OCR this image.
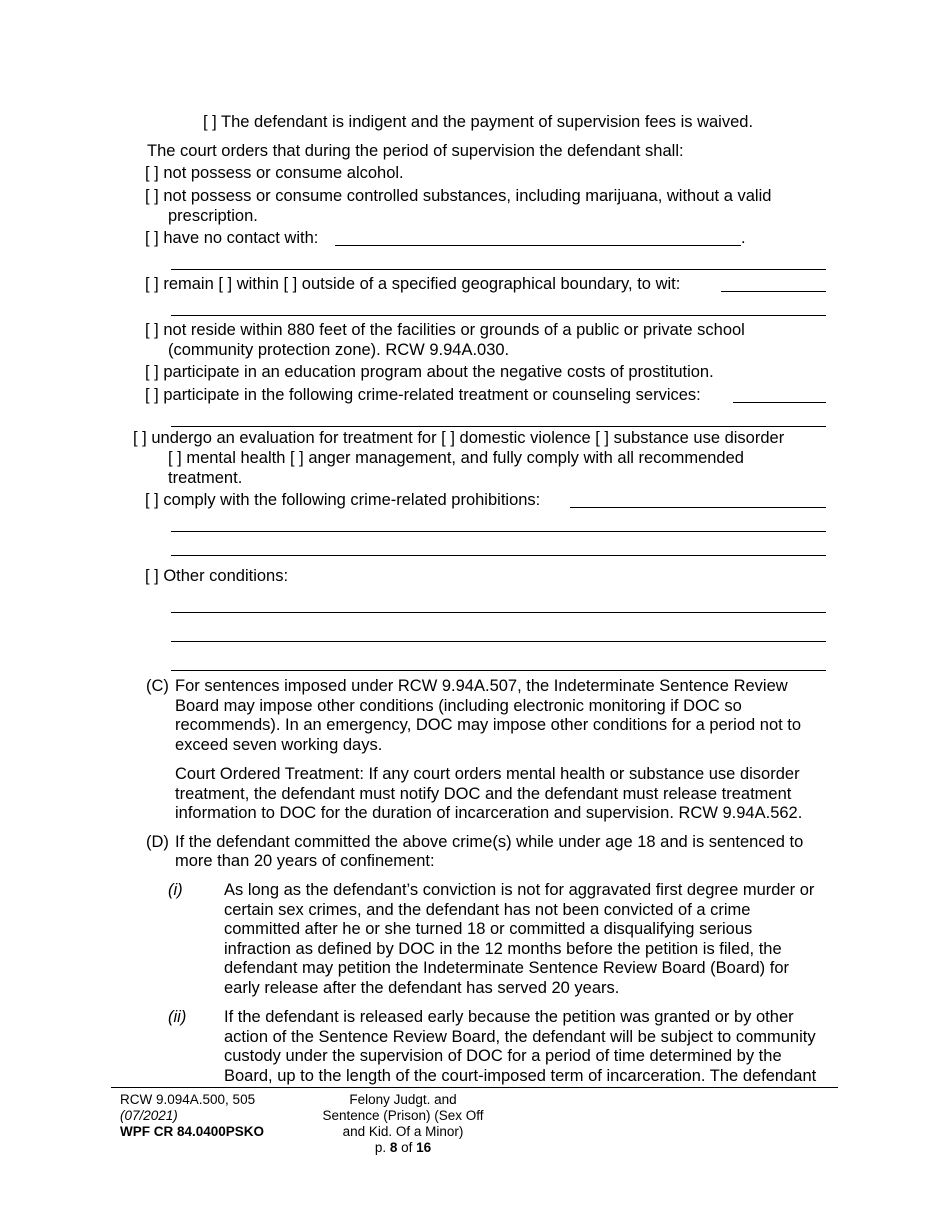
[ ] The defendant is indigent and the payment of supervision fees is waived.
The court orders that during the period of supervision the defendant shall:
[ ] not possess or consume alcohol.
[ ] not possess or consume controlled substances, including marijuana, without a valid
prescription.
[ ] have no contact with:	.
[ ] remain [ ] within [ ] outside of a specified geographical boundary, to wit:
[ ] not reside within 880 feet of the facilities or grounds of a public or private school
(community protection zone). RCW 9.94A.030.
[ ] participate in an education program about the negative costs of prostitution.
[ ] participate in the following crime-related treatment or counseling services:
[ ] undergo an evaluation for treatment for [ ] domestic violence [ ] substance use disorder
[ ] mental health [ ] anger management, and fully comply with all recommended
treatment.
[ ] comply with the following crime-related prohibitions:
[ ] Other conditions:
(C) For sentences imposed under RCW 9.94A.507, the Indeterminate Sentence Review
Board may impose other conditions (including electronic monitoring if DOC so
recommends). In an emergency, DOC may impose other conditions for a period not to
exceed seven working days.
Court Ordered Treatment: If any court orders mental health or substance use disorder
treatment, the defendant must notify DOC and the defendant must release treatment
information to DOC for the duration of incarceration and supervision. RCW 9.94A.562.
(D) If the defendant committed the above crime(s) while under age 18 and is sentenced to
more than 20 years of confinement:
(i)	As long as the defendant’s conviction is not for aggravated first degree murder or
certain sex crimes, and the defendant has not been convicted of a crime
committed after he or she turned 18 or committed a disqualifying serious
infraction as defined by DOC in the 12 months before the petition is filed, the
defendant may petition the Indeterminate Sentence Review Board (Board) for
early release after the defendant has served 20 years.
(ii) If the defendant is released early because the petition was granted or by other
action of the Sentence Review Board, the defendant will be subject to community
custody under the supervision of DOC for a period of time determined by the
Board, up to the length of the court-imposed term of incarceration. The defendant
RCW 9.094A.500, 505
(07/2021)
WPF CR 84.0400PSKO
Felony Judgt. and
Sentence (Prison) (Sex Off
and Kid. Of a Minor)
p. 8 of 16
